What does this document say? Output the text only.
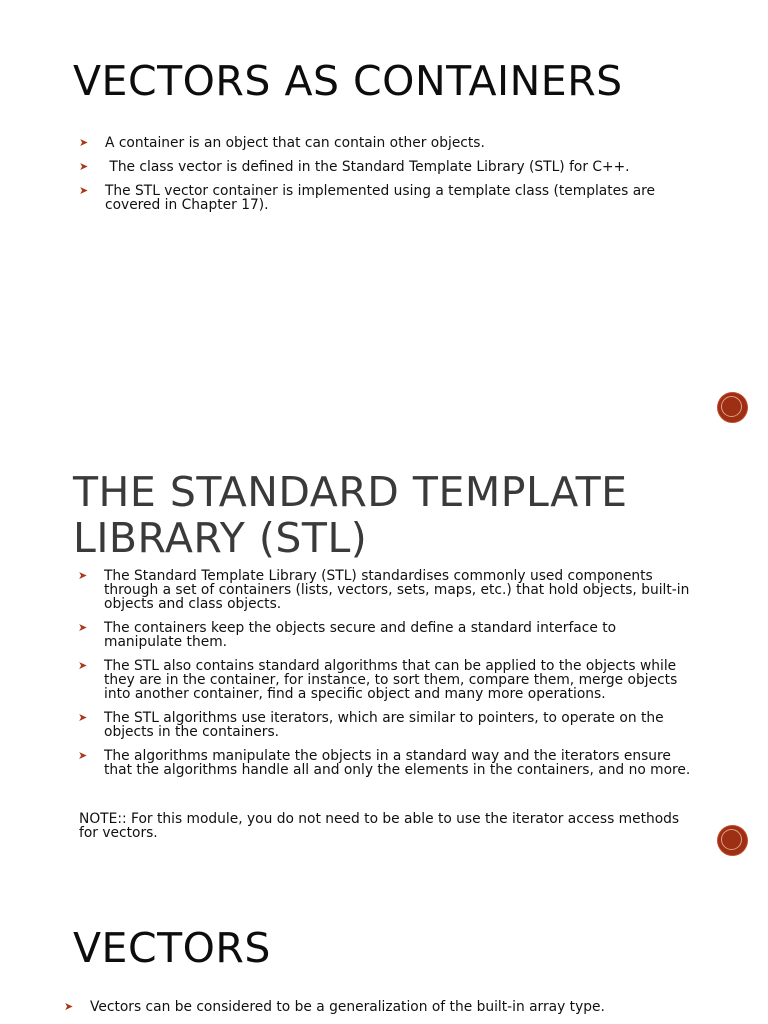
VECTORS AS CONTAINERS
➤ A container is an object that can contain other objects.
➤ The class vector is defined in the Standard Template Library (STL) for C++.
➤ The STL vector container is implemented using a template class (templates are covered in Chapter 17).
THE STANDARD TEMPLATE
LIBRARY (STL)
➤ The Standard Template Library (STL) standardises commonly used components through a set of containers (lists, vectors, sets, maps, etc.) that hold objects, built-in objects and class objects.
➤ The containers keep the objects secure and define a standard interface to manipulate them.
➤ The STL also contains standard algorithms that can be applied to the objects while they are in the container, for instance, to sort them, compare them, merge objects into another container, find a specific object and many more operations.
➤ The STL algorithms use iterators, which are similar to pointers, to operate on the objects in the containers.
➤ The algorithms manipulate the objects in a standard way and the iterators ensure that the algorithms handle all and only the elements in the containers, and no more.

NOTE:: For this module, you do not need to be able to use the iterator access methods for vectors.

VECTORS
➤ Vectors can be considered to be a generalization of the built-in array type.
